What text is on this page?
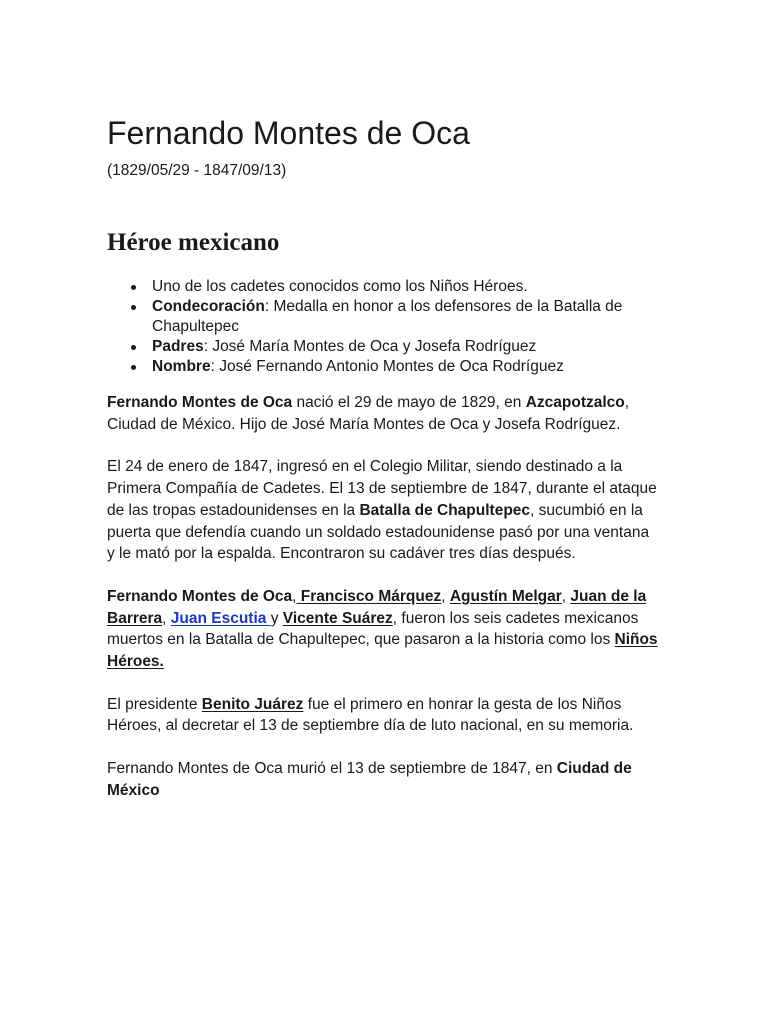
Fernando Montes de Oca
(1829/05/29 - 1847/09/13)
Héroe mexicano
Uno de los cadetes conocidos como los Niños Héroes.
Condecoración: Medalla en honor a los defensores de la Batalla de Chapultepec
Padres: José María Montes de Oca y Josefa Rodríguez
Nombre: José Fernando Antonio Montes de Oca Rodríguez

Fernando Montes de Oca nació el 29 de mayo de 1829, en Azcapotzalco, Ciudad de México. Hijo de José María Montes de Oca y Josefa Rodríguez.

El 24 de enero de 1847, ingresó en el Colegio Militar, siendo destinado a la Primera Compañía de Cadetes. El 13 de septiembre de 1847, durante el ataque de las tropas estadounidenses en la Batalla de Chapultepec, sucumbió en la puerta que defendía cuando un soldado estadounidense pasó por una ventana y le mató por la espalda. Encontraron su cadáver tres días después.

Fernando Montes de Oca, Francisco Márquez, Agustín Melgar, Juan de la Barrera, Juan Escutia y Vicente Suárez, fueron los seis cadetes mexicanos muertos en la Batalla de Chapultepec, que pasaron a la historia como los Niños Héroes.

El presidente Benito Juárez fue el primero en honrar la gesta de los Niños Héroes, al decretar el 13 de septiembre día de luto nacional, en su memoria.

Fernando Montes de Oca murió el 13 de septiembre de 1847, en Ciudad de México
